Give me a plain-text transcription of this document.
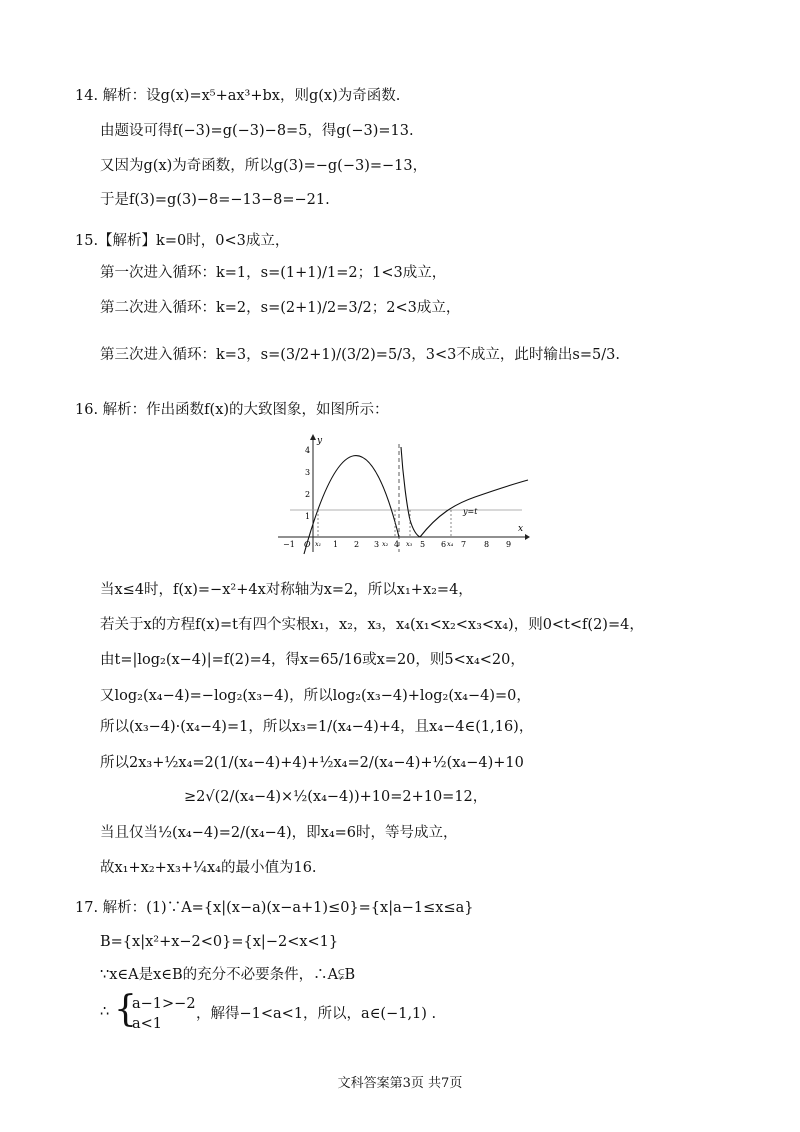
14. 解析：设g(x)=x⁵+ax³+bx，则g(x)为奇函数.
由题设可得f(−3)=g(−3)−8=5，得g(−3)=13.
又因为g(x)为奇函数，所以g(3)=−g(−3)=−13，
于是f(3)=g(3)−8=−13−8=−21.
15.【解析】k=0时，0<3成立，
第一次进入循环：k=1，s=(1+1)/1=2；1<3成立，
第二次进入循环：k=2，s=(2+1)/2=3/2；2<3成立，
第三次进入循环：k=3，s=(3/2+1)/(3/2)=5/3，3<3不成立，此时输出s=5/3.
16. 解析：作出函数f(x)的大致图象，如图所示：
x
y
−1 O	1 2 3 4	5 6 7 8 9
1
2
3
4
y=t
x₁	x₂	x₃	x₄
当x≤4时，f(x)=−x²+4x对称轴为x=2，所以x₁+x₂=4，
若关于x的方程f(x)=t有四个实根x₁，x₂，x₃，x₄(x₁<x₂<x₃<x₄)，则0<t<f(2)=4，
由t=|log₂(x−4)|=f(2)=4，得x=65/16或x=20，则5<x₄<20，
又log₂(x₄−4)=−log₂(x₃−4)，所以log₂(x₃−4)+log₂(x₄−4)=0，
所以(x₃−4)·(x₄−4)=1，所以x₃=1/(x₄−4)+4，且x₄−4∈(1,16)，
所以2x₃+½x₄=2(1/(x₄−4)+4)+½x₄=2/(x₄−4)+½(x₄−4)+10
≥2√(2/(x₄−4)×½(x₄−4))+10=2+10=12，
当且仅当½(x₄−4)=2/(x₄−4)，即x₄=6时，等号成立，
故x₁+x₂+x₃+¼x₄的最小值为16.
17. 解析：(1)∵A={x|(x−a)(x−a+1)≤0}={x|a−1≤x≤a}
B={x|x²+x−2<0}={x|−2<x<1}
∵x∈A是x∈B的充分不必要条件，∴A⫋B
∴ {
a−1>−2
a<1
，解得−1<a<1，所以，a∈(−1,1) .
文科答案第3页 共7页
